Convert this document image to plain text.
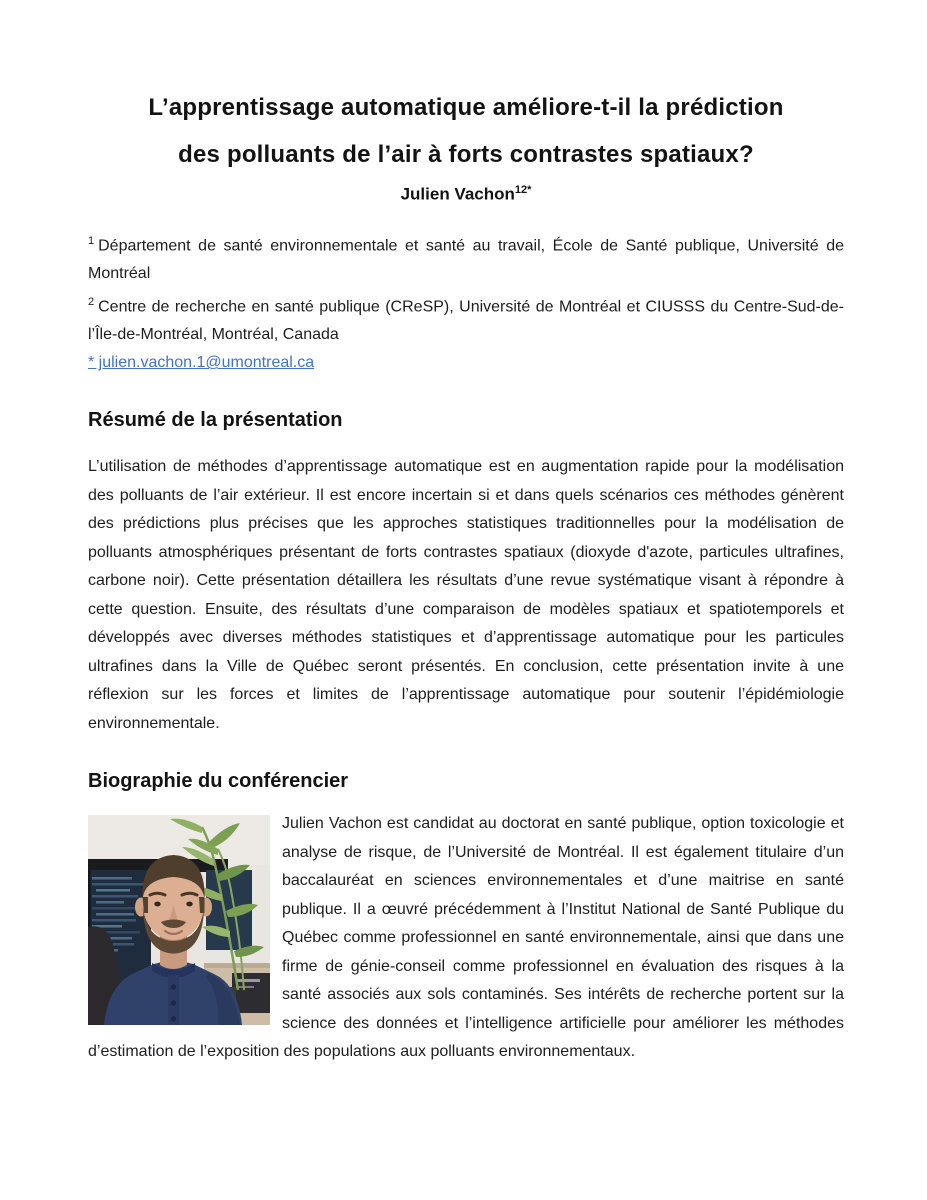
L’apprentissage automatique améliore-t-il la prédiction
des polluants de l’air à forts contrastes spatiaux?

Julien Vachon$^{12*}$

$^1$ Département de santé environnementale et santé au travail, École de Santé publique, Université de Montréal

$^2$ Centre de recherche en santé publique (CReSP), Université de Montréal et CIUSSS du Centre-Sud-de-l’Île-de-Montréal, Montréal, Canada

* julien.vachon.1@umontreal.ca

Résumé de la présentation

L’utilisation de méthodes d’apprentissage automatique est en augmentation rapide pour la modélisation des polluants de l’air extérieur. Il est encore incertain si et dans quels scénarios ces méthodes génèrent des prédictions plus précises que les approches statistiques traditionnelles pour la modélisation de polluants atmosphériques présentant de forts contrastes spatiaux (dioxyde d'azote, particules ultrafines, carbone noir). Cette présentation détaillera les résultats d’une revue systématique visant à répondre à cette question. Ensuite, des résultats d’une comparaison de modèles spatiaux et spatiotemporels et développés avec diverses méthodes statistiques et d’apprentissage automatique pour les particules ultrafines dans la Ville de Québec seront présentés. En conclusion, cette présentation invite à une réflexion sur les forces et limites de l’apprentissage automatique pour soutenir l’épidémiologie environnementale.

Biographie du conférencier

Julien Vachon est candidat au doctorat en santé publique, option toxicologie et analyse de risque, de l’Université de Montréal. Il est également titulaire d’un baccalauréat en sciences environnementales et d’une maitrise en santé publique. Il a œuvré précédemment à l’Institut National de Santé Publique du Québec comme professionnel en santé environnementale, ainsi que dans une firme de génie-conseil comme professionnel en évaluation des risques à la santé associés aux sols contaminés. Ses intérêts de recherche portent sur la science des données et l’intelligence artificielle pour améliorer les méthodes d’estimation de l’exposition des populations aux polluants environnementaux.
